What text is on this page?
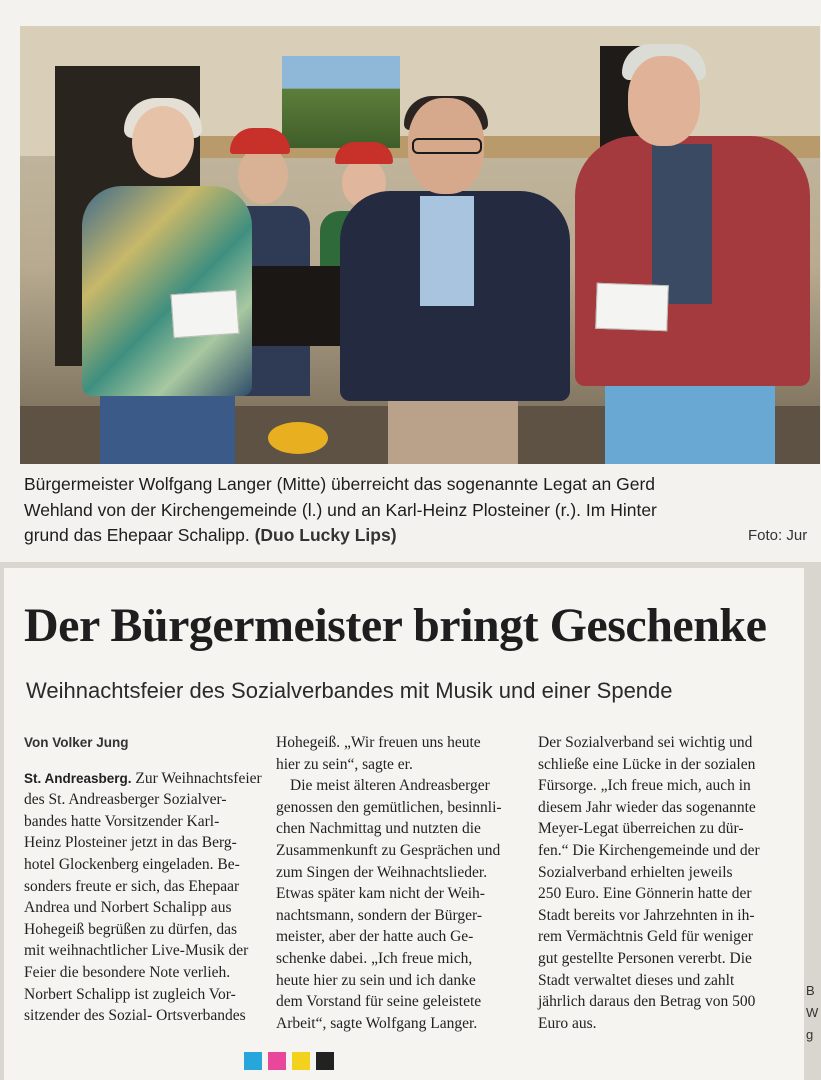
Bürgermeister Wolfgang Langer (Mitte) überreicht das sogenannte Legat an Gerd
Wehland von der Kirchengemeinde (l.) und an Karl-Heinz Plosteiner (r.). Im Hinter
grund das Ehepaar Schalipp. (Duo Lucky Lips)	Foto: Jur
Der Bürgermeister bringt Geschenke
Weihnachtsfeier des Sozialverbandes mit Musik und einer Spende
Von Volker Jung
St. Andreasberg. Zur Weihnachtsfeier
des St. Andreasberger Sozialver-
bandes hatte Vorsitzender Karl-
Heinz Plosteiner jetzt in das Berg-
hotel Glockenberg eingeladen. Be-
sonders freute er sich, das Ehepaar
Andrea und Norbert Schalipp aus
Hohegeiß begrüßen zu dürfen, das
mit weihnachtlicher Live-Musik der
Feier die besondere Note verlieh.
Norbert Schalipp ist zugleich Vor-
sitzender des Sozial- Ortsverbandes
Hohegeiß. „Wir freuen uns heute
hier zu sein“, sagte er.
Die meist älteren Andreasberger
genossen den gemütlichen, besinnli-
chen Nachmittag und nutzten die
Zusammenkunft zu Gesprächen und
zum Singen der Weihnachtslieder.
Etwas später kam nicht der Weih-
nachtsmann, sondern der Bürger-
meister, aber der hatte auch Ge-
schenke dabei. „Ich freue mich,
heute hier zu sein und ich danke
dem Vorstand für seine geleistete
Arbeit“, sagte Wolfgang Langer.
Der Sozialverband sei wichtig und
schließe eine Lücke in der sozialen
Fürsorge. „Ich freue mich, auch in
diesem Jahr wieder das sogenannte
Meyer-Legat überreichen zu dür-
fen.“ Die Kirchengemeinde und der
Sozialverband erhielten jeweils
250 Euro. Eine Gönnerin hatte der
Stadt bereits vor Jahrzehnten in ih-
rem Vermächtnis Geld für weniger
gut gestellte Personen vererbt. Die
Stadt verwaltet dieses und zahlt
jährlich daraus den Betrag von 500
Euro aus.
B
W
g
